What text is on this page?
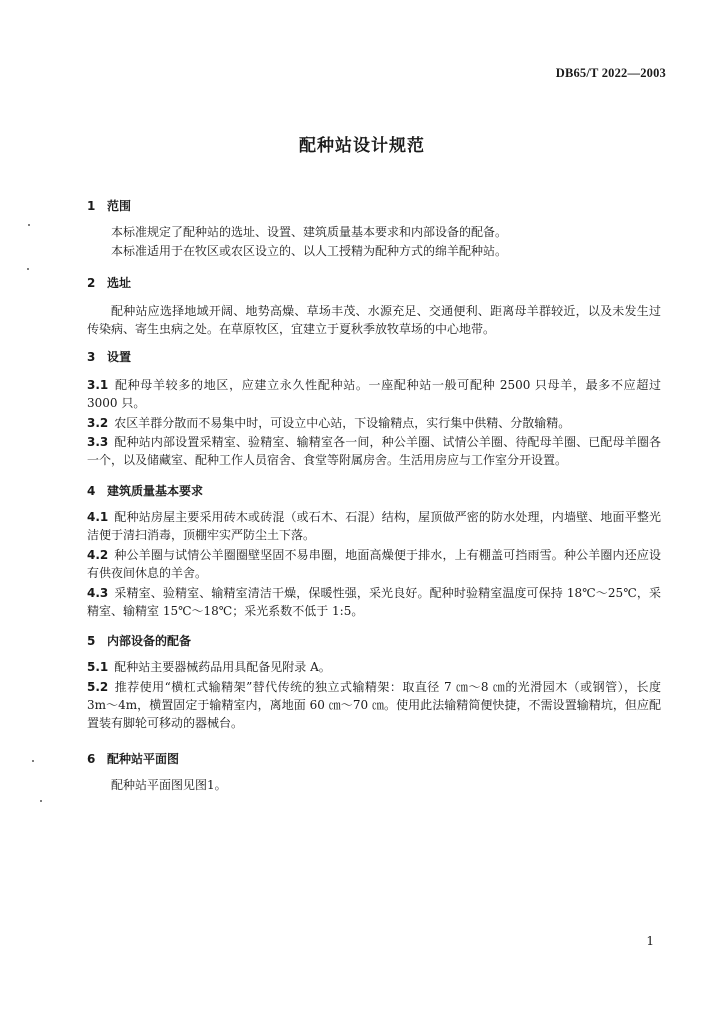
DB65/T 2022—2003
配种站设计规范
1 范围
本标准规定了配种站的选址、设置、建筑质量基本要求和内部设备的配备。
本标准适用于在牧区或农区设立的、以人工授精为配种方式的绵羊配种站。
2 选址
配种站应选择地域开阔、地势高燥、草场丰茂、水源充足、交通便利、距离母羊群较近，以及未发生过传染病、寄生虫病之处。在草原牧区，宜建立于夏秋季放牧草场的中心地带。
3 设置
3.1 配种母羊较多的地区，应建立永久性配种站。一座配种站一般可配种 2500 只母羊，最多不应超过 3000 只。
3.2 农区羊群分散而不易集中时，可设立中心站，下设输精点，实行集中供精、分散输精。
3.3 配种站内部设置采精室、验精室、输精室各一间，种公羊圈、试情公羊圈、待配母羊圈、已配母羊圈各一个，以及储藏室、配种工作人员宿舍、食堂等附属房舍。生活用房应与工作室分开设置。
4 建筑质量基本要求
4.1 配种站房屋主要采用砖木或砖混（或石木、石混）结构，屋顶做严密的防水处理，内墙壁、地面平整光洁便于清扫消毒，顶棚牢实严防尘土下落。
4.2 种公羊圈与试情公羊圈圈壁坚固不易串圈，地面高燥便于排水，上有棚盖可挡雨雪。种公羊圈内还应设有供夜间休息的羊舍。
4.3 采精室、验精室、输精室清洁干燥，保暖性强，采光良好。配种时验精室温度可保持 18℃～25℃，采精室、输精室 15℃～18℃；采光系数不低于 1:5。
5 内部设备的配备
5.1 配种站主要器械药品用具配备见附录 A。
5.2 推荐使用“横杠式输精架”替代传统的独立式输精架：取直径 7 ㎝～8 ㎝的光滑园木（或钢管），长度 3m～4m，横置固定于输精室内，离地面 60 ㎝～70 ㎝。使用此法输精简便快捷，不需设置输精坑，但应配置装有脚轮可移动的器械台。
6 配种站平面图
配种站平面图见图1。
1
